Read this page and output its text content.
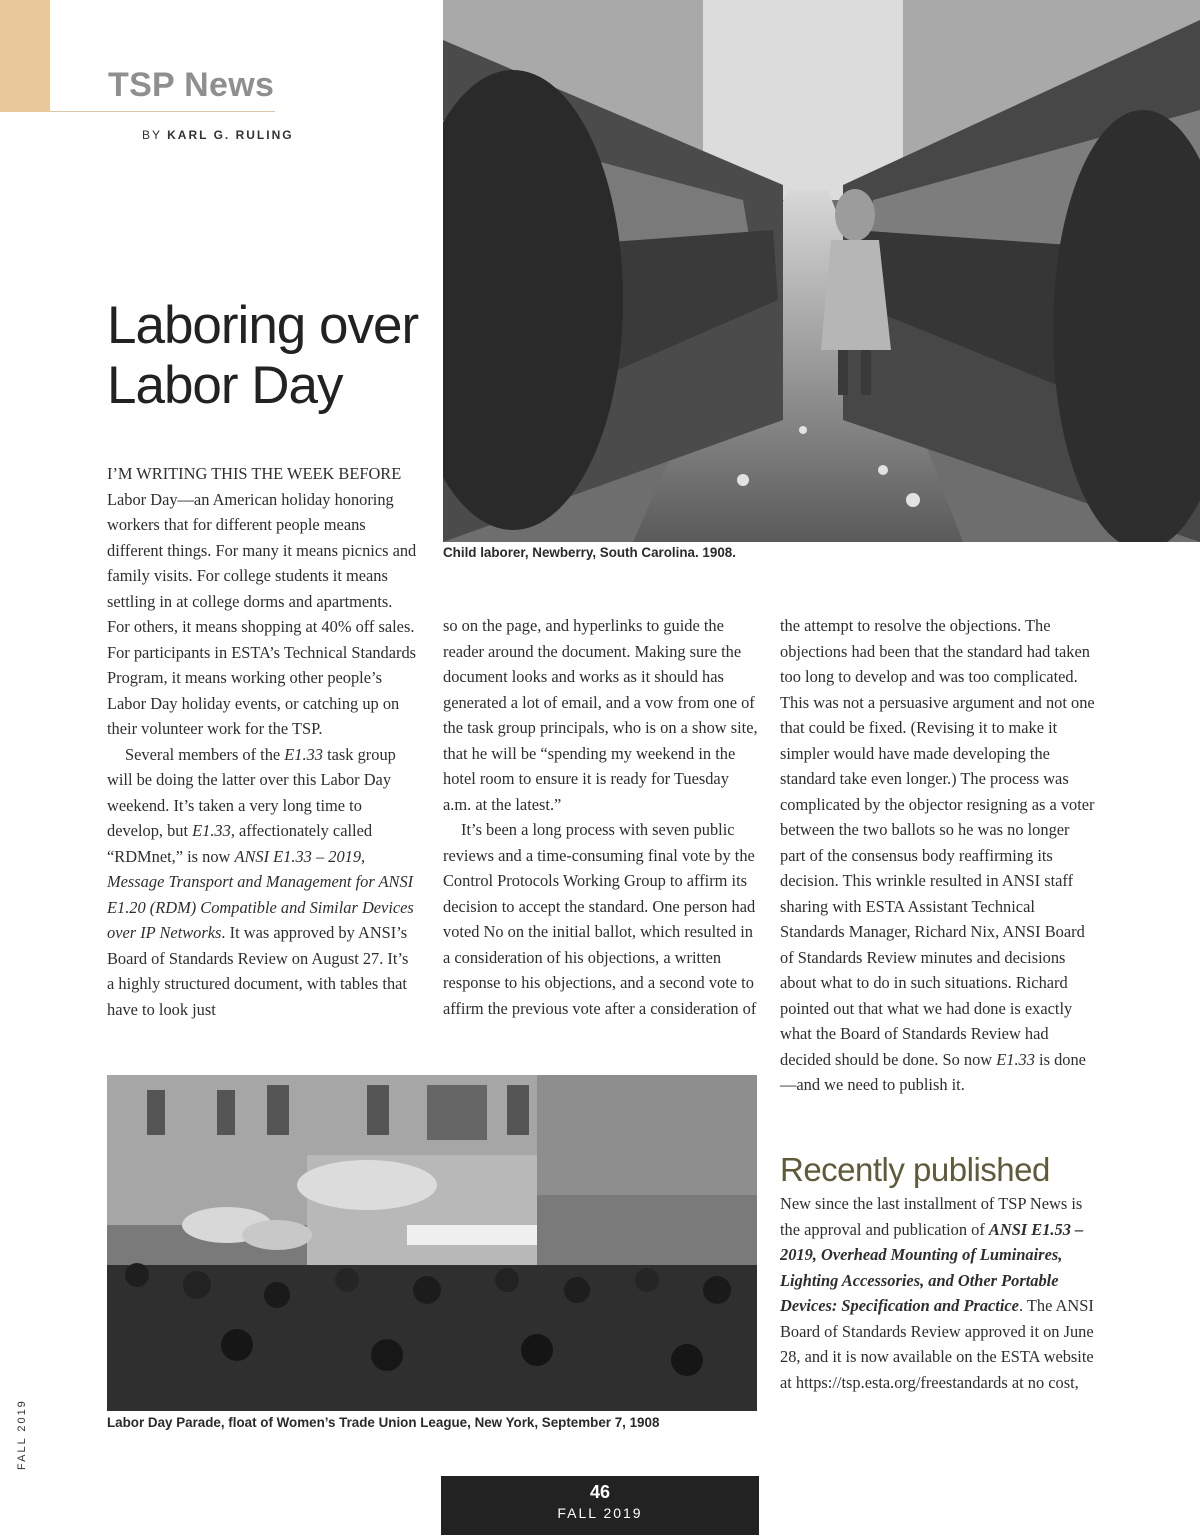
TSP News
BY KARL G. RULING
Laboring over
Labor Day

Child laborer, Newberry, South Carolina. 1908.

I’M WRITING THIS THE WEEK BEFORE Labor Day—an American holiday honoring workers that for different people means different things. For many it means picnics and family visits. For college students it means settling in at college dorms and apartments. For others, it means shopping at 40% off sales. For participants in ESTA’s Technical Standards Program, it means working other people’s Labor Day holiday events, or catching up on their volunteer work for the TSP.

Several members of the E1.33 task group will be doing the latter over this Labor Day weekend. It’s taken a very long time to develop, but E1.33, affectionately called “RDMnet,” is now ANSI E1.33 – 2019, Message Transport and Management for ANSI E1.20 (RDM) Compatible and Similar Devices over IP Networks. It was approved by ANSI’s Board of Standards Review on August 27. It’s a highly structured document, with tables that have to look just

so on the page, and hyperlinks to guide the reader around the document. Making sure the document looks and works as it should has generated a lot of email, and a vow from one of the task group principals, who is on a show site, that he will be “spending my weekend in the hotel room to ensure it is ready for Tuesday a.m. at the latest.”

It’s been a long process with seven public reviews and a time-consuming final vote by the Control Protocols Working Group to affirm its decision to accept the standard. One person had voted No on the initial ballot, which resulted in a consideration of his objections, a written response to his objections, and a second vote to affirm the previous vote after a consideration of

the attempt to resolve the objections. The objections had been that the standard had taken too long to develop and was too complicated. This was not a persuasive argument and not one that could be fixed. (Revising it to make it simpler would have made developing the standard take even longer.) The process was complicated by the objector resigning as a voter between the two ballots so he was no longer part of the consensus body reaffirming its decision. This wrinkle resulted in ANSI staff sharing with ESTA Assistant Technical Standards Manager, Richard Nix, ANSI Board of Standards Review minutes and decisions about what to do in such situations. Richard pointed out that what we had done is exactly what the Board of Standards Review had decided should be done. So now E1.33 is done—and we need to publish it.

Recently published

New since the last installment of TSP News is the approval and publication of ANSI E1.53 – 2019, Overhead Mounting of Luminaires, Lighting Accessories, and Other Portable Devices: Specification and Practice. The ANSI Board of Standards Review approved it on June 28, and it is now available on the ESTA website at https://tsp.esta.org/freestandards at no cost,

Labor Day Parade, float of Women’s Trade Union League, New York, September 7, 1908

FALL 2019
46
FALL 2019
